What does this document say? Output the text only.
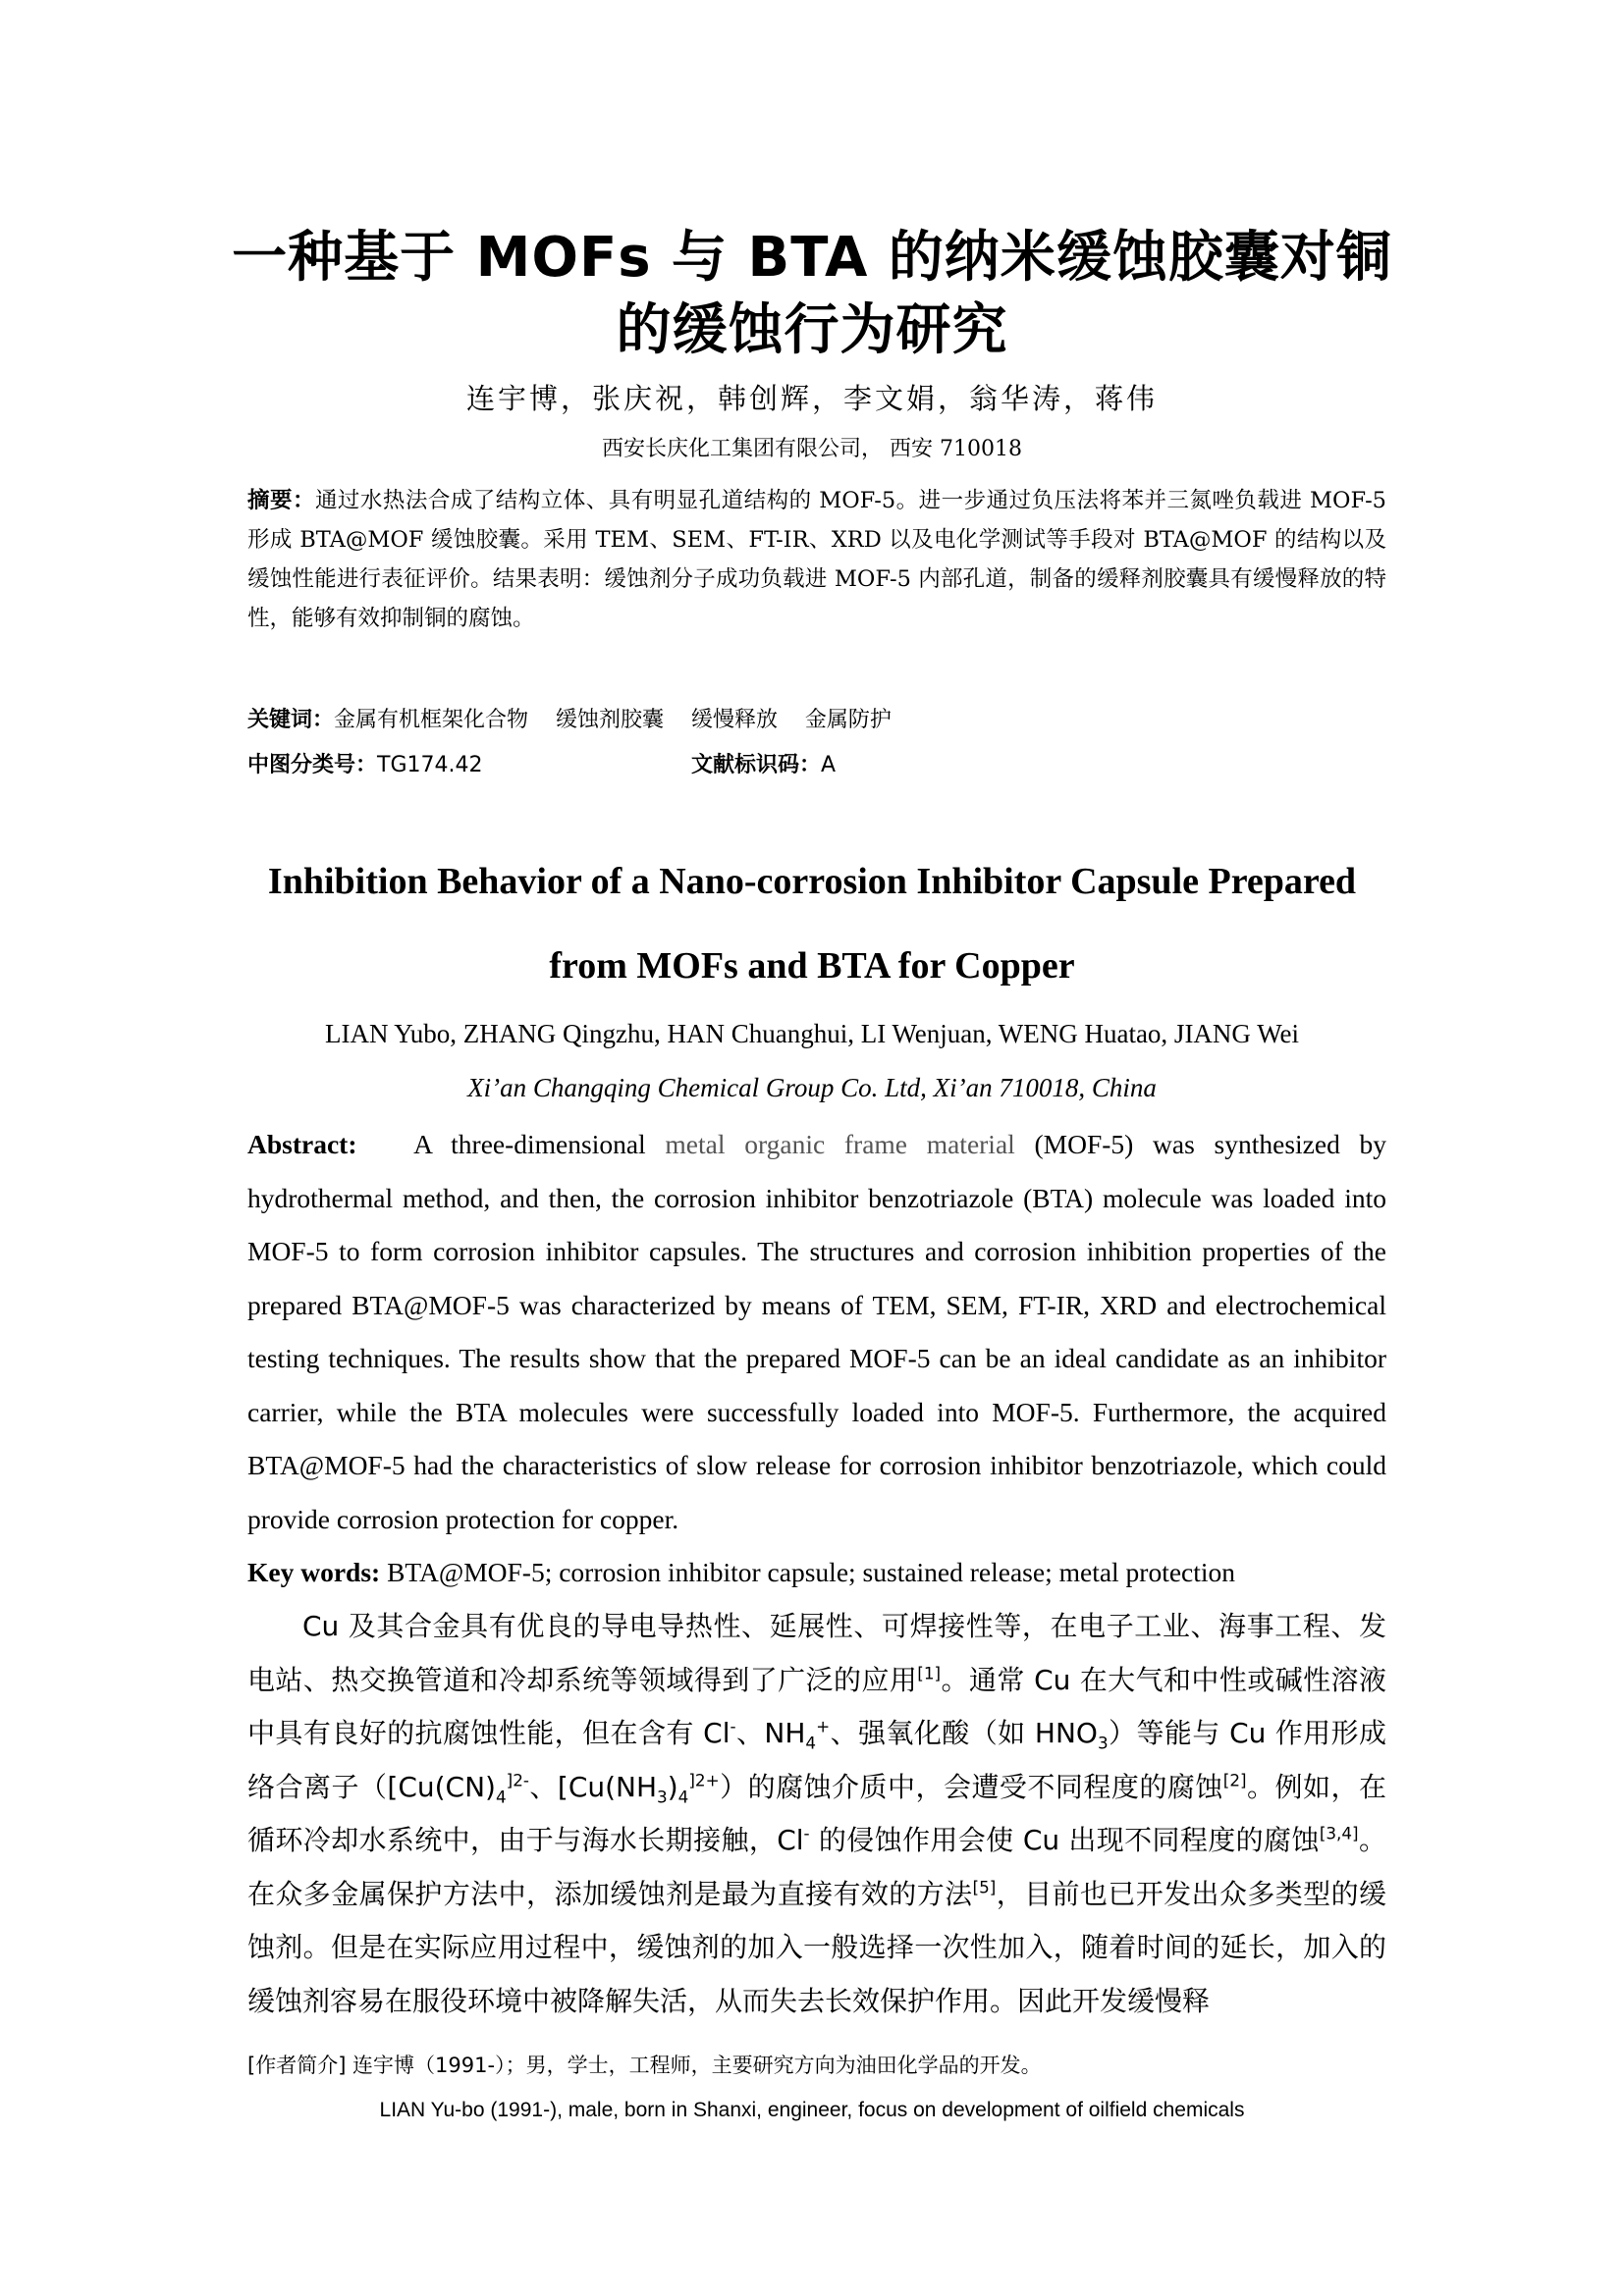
一种基于 MOFs 与 BTA 的纳米缓蚀胶囊对铜
的缓蚀行为研究
连宇博，张庆祝，韩创辉，李文娟，翁华涛，蒋伟
西安长庆化工集团有限公司， 西安 710018
摘要：通过水热法合成了结构立体、具有明显孔道结构的 MOF-5。进一步通过负压法将苯并三氮唑负载进 MOF-5 形成 BTA@MOF 缓蚀胶囊。采用 TEM、SEM、FT-IR、XRD 以及电化学测试等手段对 BTA@MOF 的结构以及缓蚀性能进行表征评价。结果表明：缓蚀剂分子成功负载进 MOF-5 内部孔道，制备的缓释剂胶囊具有缓慢释放的特性，能够有效抑制铜的腐蚀。
关键词：金属有机框架化合物    缓蚀剂胶囊    缓慢释放    金属防护
中图分类号：TG174.42	文献标识码：A
Inhibition Behavior of a Nano-corrosion Inhibitor Capsule Prepared
from MOFs and BTA for Copper
LIAN Yubo, ZHANG Qingzhu, HAN Chuanghui, LI Wenjuan, WENG Huatao, JIANG Wei
Xi’an Changqing Chemical Group Co. Ltd, Xi’an 710018, China
Abstract: A three-dimensional metal organic frame material (MOF-5) was synthesized by hydrothermal method, and then, the corrosion inhibitor benzotriazole (BTA) molecule was loaded into MOF-5 to form corrosion inhibitor capsules. The structures and corrosion inhibition properties of the prepared BTA@MOF-5 was characterized by means of TEM, SEM, FT-IR, XRD and electrochemical testing techniques. The results show that the prepared MOF-5 can be an ideal candidate as an inhibitor carrier, while the BTA molecules were successfully loaded into MOF-5. Furthermore, the acquired BTA@MOF-5 had the characteristics of slow release for corrosion inhibitor benzotriazole, which could provide corrosion protection for copper.
Key words: BTA@MOF-5; corrosion inhibitor capsule; sustained release; metal protection
Cu 及其合金具有优良的导电导热性、延展性、可焊接性等，在电子工业、海事工程、发电站、热交换管道和冷却系统等领域得到了广泛的应用[1]。通常 Cu 在大气和中性或碱性溶液中具有良好的抗腐蚀性能，但在含有 Cl-、$NH_4^+$、强氧化酸（如 $HNO_3$）等能与 Cu 作用形成络合离子（[$Cu(CN)_4^{]2-}$、$[Cu(NH_3)_4^{]2+})$的腐蚀介质中，会遭受不同程度的腐蚀[2]。例如，在循环冷却水系统中，由于与海水长期接触，Cl- 的侵蚀作用会使 Cu 出现不同程度的腐蚀[3,4]。在众多金属保护方法中，添加缓蚀剂是最为直接有效的方法[5]，目前也已开发出众多类型的缓蚀剂。但是在实际应用过程中，缓蚀剂的加入一般选择一次性加入，随着时间的延长，加入的缓蚀剂容易在服役环境中被降解失活，从而失去长效保护作用。因此开发缓慢释
[作者简介] 连宇博（1991-）；男，学士，工程师，主要研究方向为油田化学品的开发。
LIAN Yu-bo (1991-), male, born in Shanxi, engineer, focus on development of oilfield chemicals
